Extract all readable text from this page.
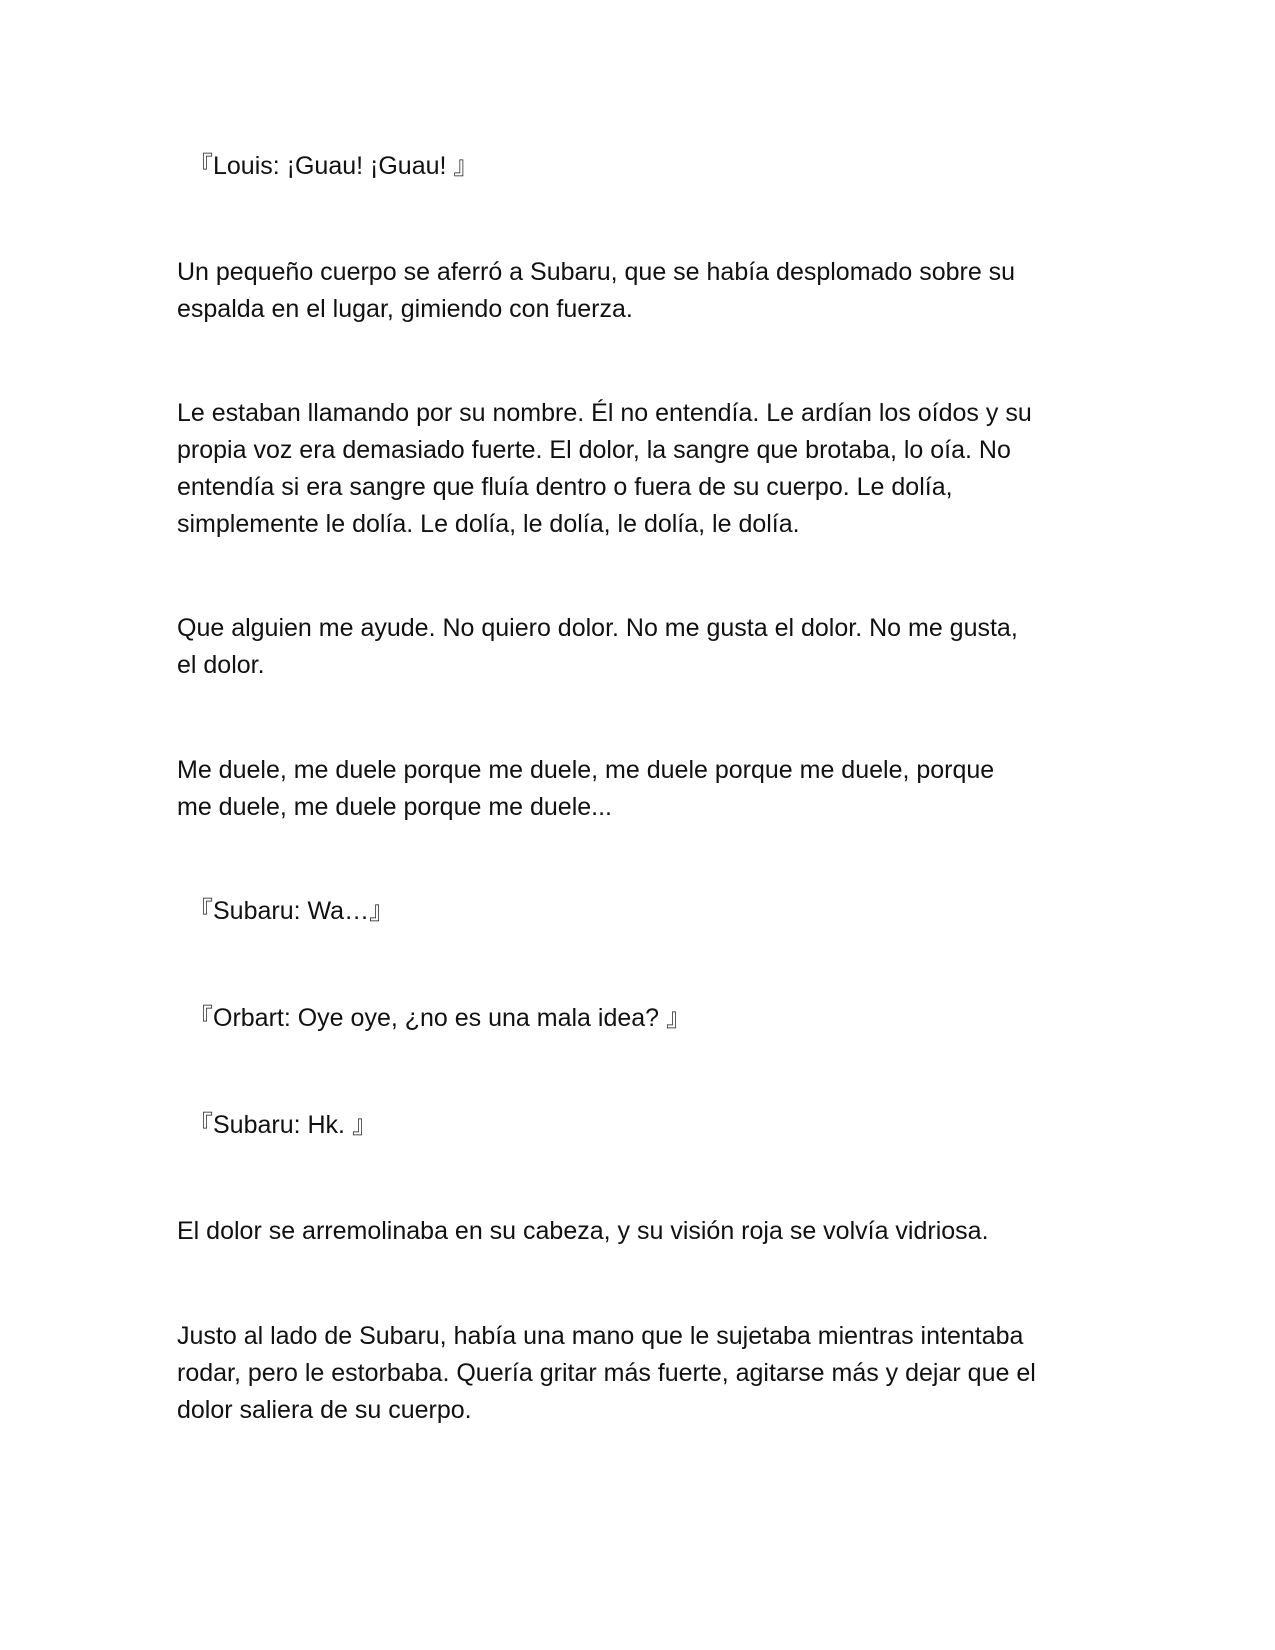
『Louis: ¡Guau! ¡Guau! 』
Un pequeño cuerpo se aferró a Subaru, que se había desplomado sobre su
espalda en el lugar, gimiendo con fuerza.
Le estaban llamando por su nombre. Él no entendía. Le ardían los oídos y su
propia voz era demasiado fuerte. El dolor, la sangre que brotaba, lo oía. No
entendía si era sangre que fluía dentro o fuera de su cuerpo. Le dolía,
simplemente le dolía. Le dolía, le dolía, le dolía, le dolía.
Que alguien me ayude. No quiero dolor. No me gusta el dolor. No me gusta,
el dolor.
Me duele, me duele porque me duele, me duele porque me duele, porque
me duele, me duele porque me duele...
『Subaru: Wa…』
『Orbart: Oye oye, ¿no es una mala idea? 』
『Subaru: Hk. 』
El dolor se arremolinaba en su cabeza, y su visión roja se volvía vidriosa.
Justo al lado de Subaru, había una mano que le sujetaba mientras intentaba
rodar, pero le estorbaba. Quería gritar más fuerte, agitarse más y dejar que el
dolor saliera de su cuerpo.
